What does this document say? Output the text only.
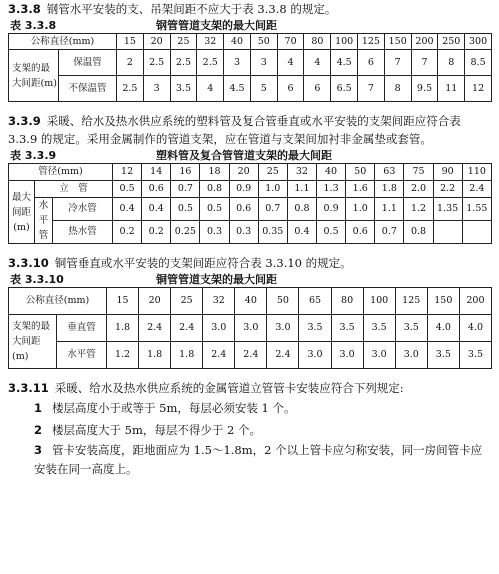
3.3.8 钢管水平安装的支、吊架间距不应大于表 3.3.8 的规定。

表 3.3.8	钢管管道支架的最大间距
公称直径(mm)		15	20	25	32	40	50	70	80	100	125	150	200	250	300
支架的最大间距(m)	保温管	2	2.5	2.5	2.5	3	3	4	4	4.5	6	7	7	8	8.5
	不保温管	2.5	3	3.5	4	4.5	5	6	6	6.5	7	8	9.5	11	12

3.3.9 采暖、给水及热水供应系统的塑料管及复合管垂直或水平安装的支架间距应符合表 3.3.9 的规定。采用金属制作的管道支架，应在管道与支架间加衬非金属垫或套管。

表 3.3.9	塑料管及复合管管道支架的最大间距
管径(mm)			12	14	16	18	20	25	32	40	50	63	75	90	110
最大间距(m)	立　管		0.5	0.6	0.7	0.8	0.9	1.0	1.1	1.3	1.6	1.8	2.0	2.2	2.4
	水平管	冷水管	0.4	0.4	0.5	0.5	0.6	0.7	0.8	0.9	1.0	1.1	1.2	1.35	1.55
		热水管	0.2	0.2	0.25	0.3	0.3	0.35	0.4	0.5	0.6	0.7	0.8		

3.3.10 铜管垂直或水平安装的支架间距应符合表 3.3.10 的规定。

表 3.3.10	铜管管道支架的最大间距
公称直径(mm)		15	20	25	32	40	50	65	80	100	125	150	200
支架的最大间距(m)	垂直管	1.8	2.4	2.4	3.0	3.0	3.0	3.5	3.5	3.5	3.5	4.0	4.0
	水平管	1.2	1.8	1.8	2.4	2.4	2.4	3.0	3.0	3.0	3.0	3.5	3.5

3.3.11 采暖、给水及热水供应系统的金属管道立管管卡安装应符合下列规定:

1 楼层高度小于或等于 5m，每层必须安装 1 个。

2 楼层高度大于 5m，每层不得少于 2 个。

3 管卡安装高度，距地面应为 1.5～1.8m，2 个以上管卡应匀称安装，同一房间管卡应安装在同一高度上。
